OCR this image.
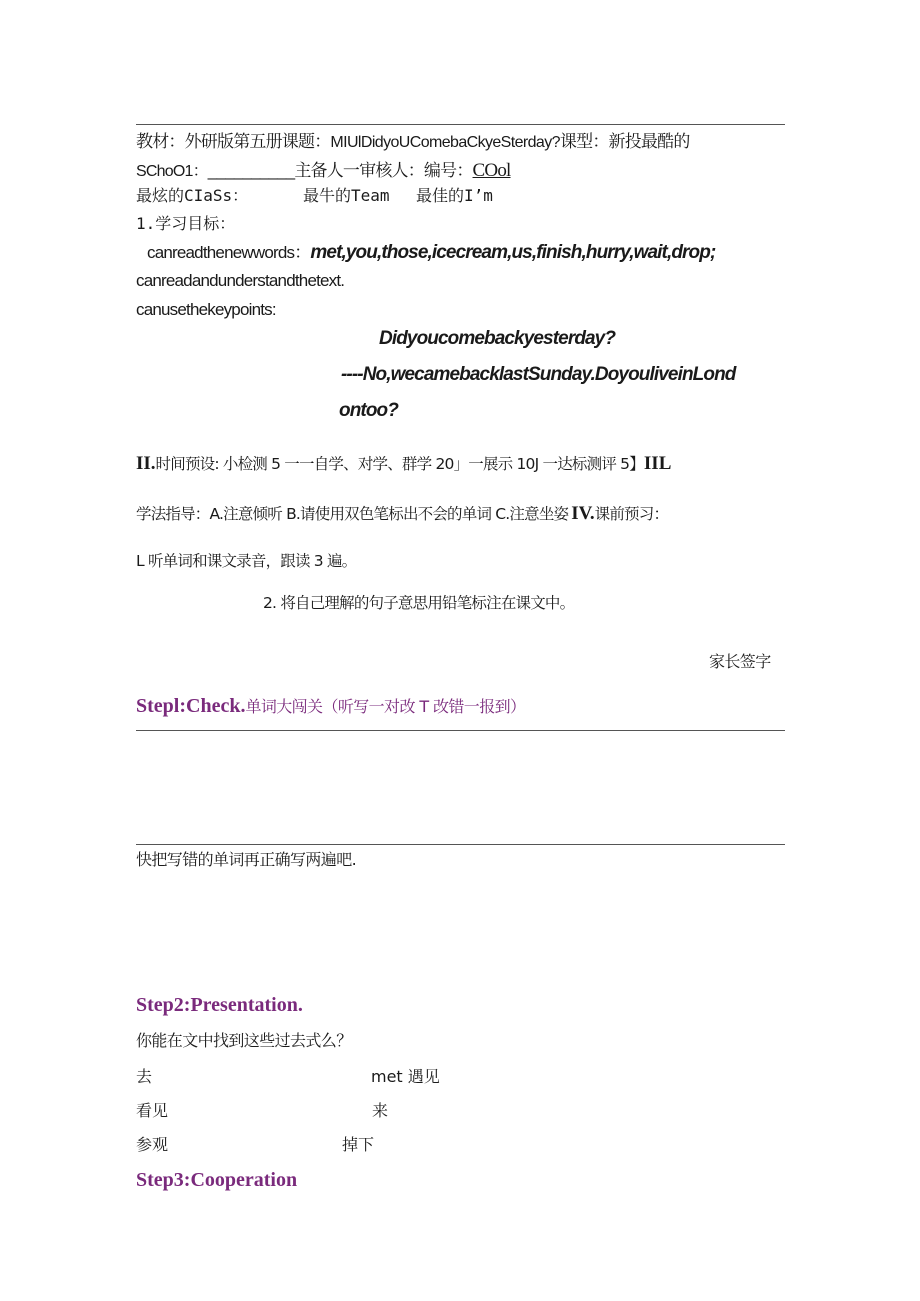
教材：外研版第五册课题：MIUlDidyoUComebaCkyeSterday?课型：新投最酷的
SChoO1：__________主备人一审核人：编号：COol
最炫的CIaSs：	最牛的Team 最佳的I’m
1.学习目标：
canreadthenewwords：met,you,those,icecream,us,finish,hurry,wait,drop;
canreadandunderstandthetext.
canusethekeypoints:
Didyoucomebackyesterday?
----No,wecamebacklastSunday.DoyouliveinLond
ontoo?
II.时间预设: 小检测 5 一一自学、对学、群学 20」一展示 10J 一达标测评 5】IIL
学法指导：A.注意倾听 B.请使用双色笔标出不会的单词 C.注意坐姿 IV.课前预习：
L 听单词和课文录音，跟读 3 遍。
2. 将自己理解的句子意思用铅笔标注在课文中。
家长签字
Stepl:Check.单词大闯关（听写一对改 T 改错一报到）
快把写错的单词再正确写两遍吧.
Step2:Presentation.
你能在文中找到这些过去式么？
去	met 遇见
看见	来
参观	掉下
Step3:Cooperation
